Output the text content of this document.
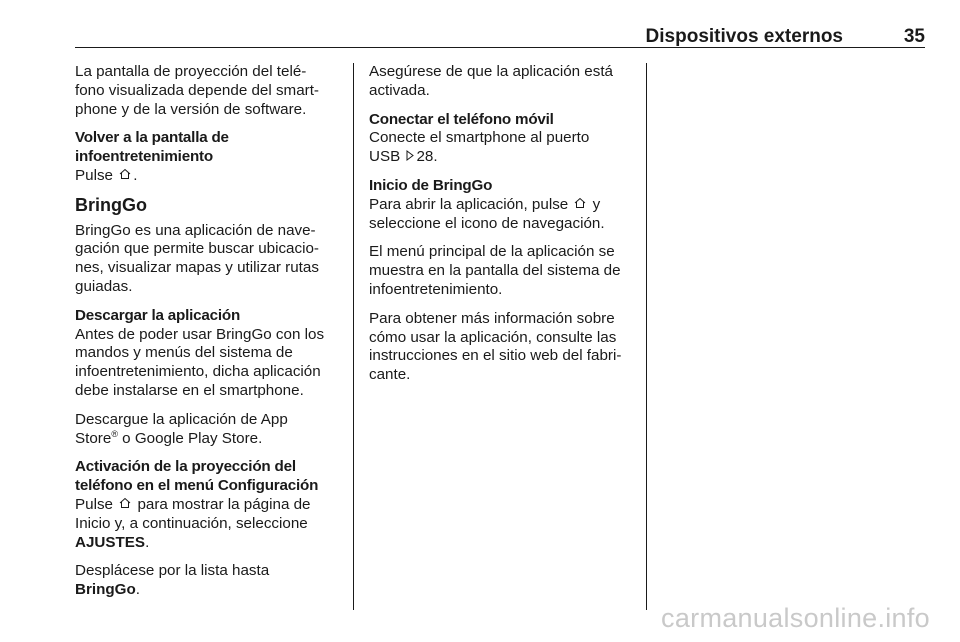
Dispositivos externos	35

La pantalla de proyección del telé-
fono visualizada depende del smart-
phone y de la versión de software.

Volver a la pantalla de
infoentretenimiento

Pulse .

BringGo

BringGo es una aplicación de nave-
gación que permite buscar ubicacio-
nes, visualizar mapas y utilizar rutas
guiadas.

Descargar la aplicación

Antes de poder usar BringGo con los
mandos y menús del sistema de
infoentretenimiento, dicha aplicación
debe instalarse en el smartphone.

Descargue la aplicación de App
Store® o Google Play Store.

Activación de la proyección del
teléfono en el menú Configuración

Pulse  para mostrar la página de
Inicio y, a continuación, seleccione
AJUSTES.

Desplácese por la lista hasta
BringGo.

Asegúrese de que la aplicación está
activada.

Conectar el teléfono móvil

Conecte el smartphone al puerto
USB 28.

Inicio de BringGo

Para abrir la aplicación, pulse  y
seleccione el icono de navegación.

El menú principal de la aplicación se
muestra en la pantalla del sistema de
infoentretenimiento.

Para obtener más información sobre
cómo usar la aplicación, consulte las
instrucciones en el sitio web del fabri-
cante.

carmanualsonline.info
